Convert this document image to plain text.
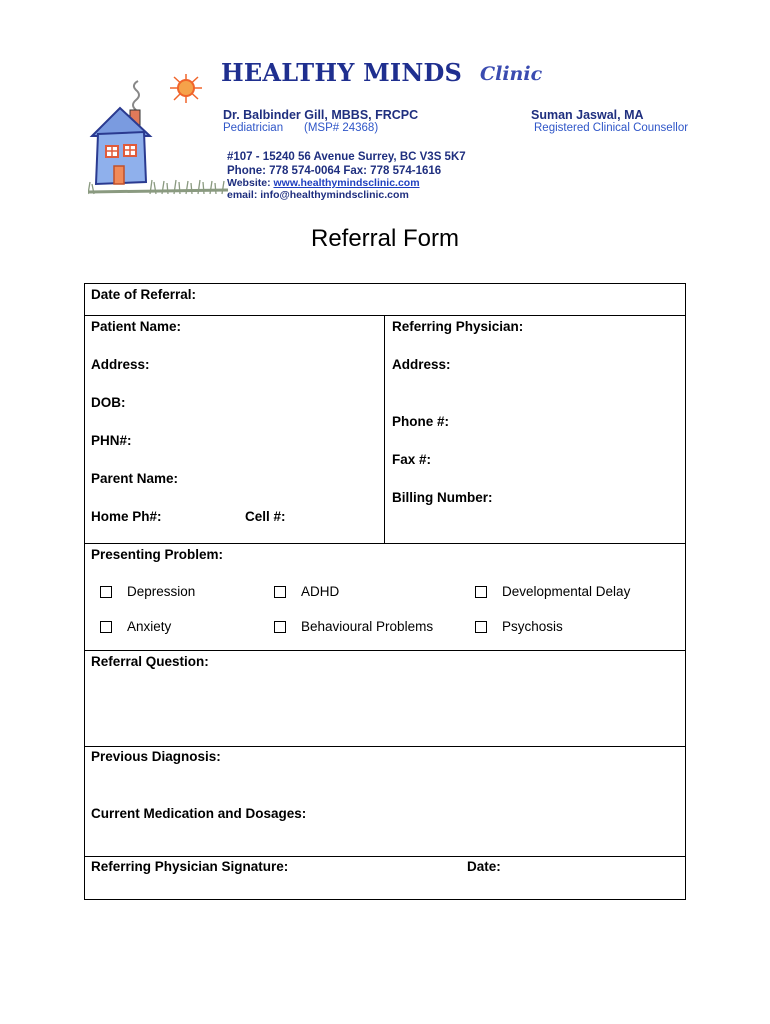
HEALTHY MINDS Clinic
Dr. Balbinder Gill, MBBS, FRCPC
Pediatrician (MSP# 24368)
Suman Jaswal, MA
Registered Clinical Counsellor
#107 - 15240 56 Avenue Surrey, BC V3S 5K7
Phone: 778 574-0064 Fax: 778 574-1616
Website: www.healthymindsclinic.com
email: info@healthymindsclinic.com
Referral Form
Date of Referral:
Patient Name:
Address:
DOB:
PHN#:
Parent Name:
Home Ph#:	Cell #:
Referring Physician:
Address:
Phone #:
Fax #:
Billing Number:
Presenting Problem:
Depression	ADHD	Developmental Delay
Anxiety	Behavioural Problems	Psychosis
Referral Question:
Previous Diagnosis:
Current Medication and Dosages:
Referring Physician Signature:	Date:
